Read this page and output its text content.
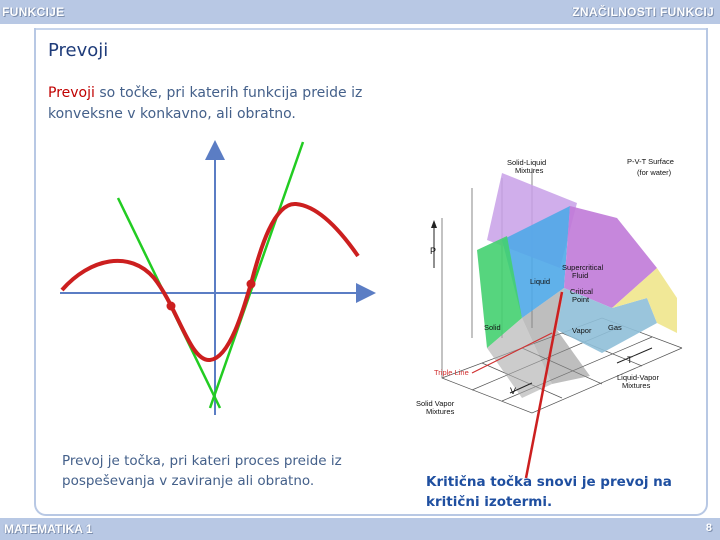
FUNKCIJE	ZNAČILNOSTI FUNKCIJ
Prevoji
Prevoji so točke, pri katerih funkcija preide iz konveksne v konkavno, ali obratno.
P-V-T Surface (for water)
Solid-Liquid Mixtures
Liquid
Supercritical Fluid
Critical Point
Solid	Vapor Gas
Triple Line
Liquid-Vapor Mixtures
Solid Vapor Mixtures
P
T
V
Prevoj je točka, pri kateri proces preide iz pospeševanja v zaviranje ali obratno.	Kritična točka snovi je prevoj na kritični izotermi.
MATEMATIKA 1	8
